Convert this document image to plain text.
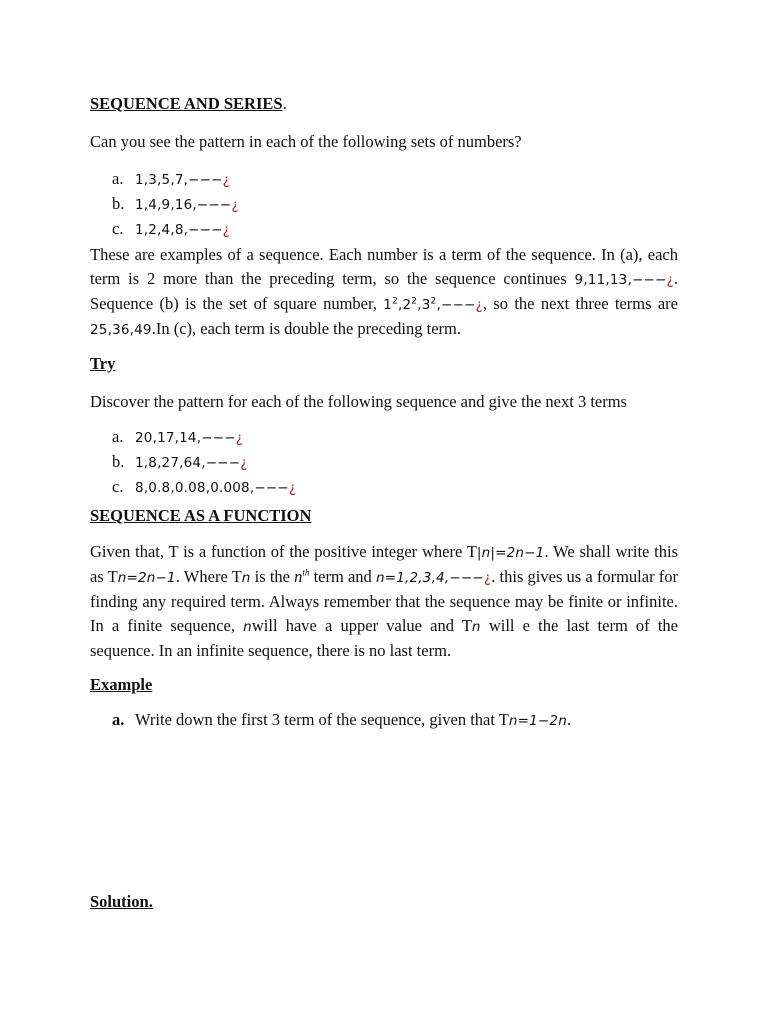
SEQUENCE AND SERIES.
Can you see the pattern in each of the following sets of numbers?
a. 1,3,5,7,−−−¿
b. 1,4,9,16,−−−¿
c. 1,2,4,8,−−−¿

These are examples of a sequence. Each number is a term of the sequence. In (a), each term is 2 more than the preceding term, so the sequence continues 9,11,13,−−−¿. Sequence (b) is the set of square number, $1^2,2^2,3^2,---¿$, so the next three terms are 25,36,49.In (c), each term is double the preceding term.

Try
Discover the pattern for each of the following sequence and give the next 3 terms
a. 20,17,14,−−−¿
b. 1,8,27,64,−−−¿
c. 8,0.8,0.08,0.008,−−−¿
SEQUENCE AS A FUNCTION

Given that, T is a function of the positive integer where T|n|=2n−1. We shall write this as Tn=2n−1. Where Tn is the $n^{th}$ term and n=1,2,3,4,−−−¿. this gives us a formular for finding any required term. Always remember that the sequence may be finite or infinite. In a finite sequence, nwill have a upper value and Tn will e the last term of the sequence. In an infinite sequence, there is no last term.

Example
a. Write down the first 3 term of the sequence, given that Tn=1−2n.
Solution.
